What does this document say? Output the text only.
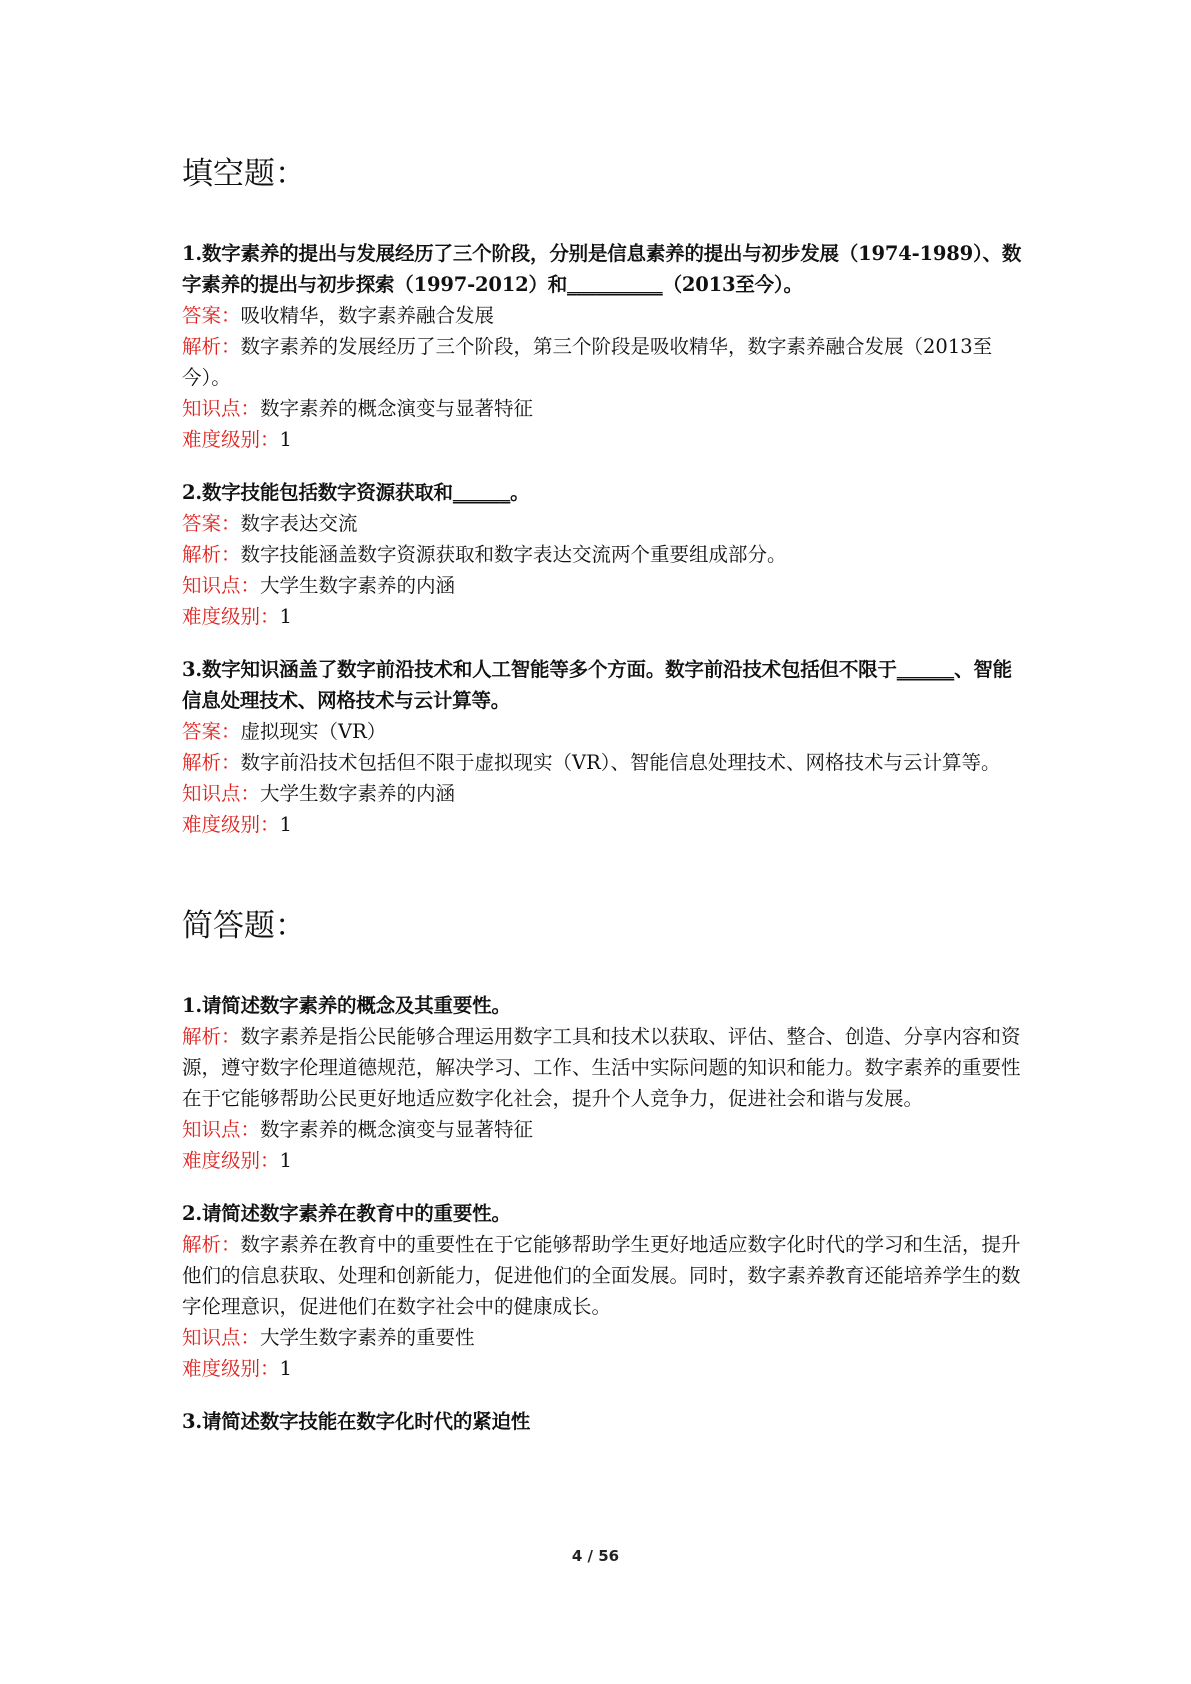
填空题：

1.数字素养的提出与发展经历了三个阶段，分别是信息素养的提出与初步发展（1974-1989）、数字素养的提出与初步探索（1997-2012）和__________（2013至今）。

答案：吸收精华，数字素养融合发展

解析：数字素养的发展经历了三个阶段，第三个阶段是吸收精华，数字素养融合发展（2013至今）。

知识点：数字素养的概念演变与显著特征

难度级别：1

2.数字技能包括数字资源获取和______。

答案：数字表达交流

解析：数字技能涵盖数字资源获取和数字表达交流两个重要组成部分。

知识点：大学生数字素养的内涵

难度级别：1

3.数字知识涵盖了数字前沿技术和人工智能等多个方面。数字前沿技术包括但不限于______、智能信息处理技术、网格技术与云计算等。

答案：虚拟现实（VR）

解析：数字前沿技术包括但不限于虚拟现实（VR）、智能信息处理技术、网格技术与云计算等。

知识点：大学生数字素养的内涵

难度级别：1

简答题：

1.请简述数字素养的概念及其重要性。

解析：数字素养是指公民能够合理运用数字工具和技术以获取、评估、整合、创造、分享内容和资源，遵守数字伦理道德规范，解决学习、工作、生活中实际问题的知识和能力。数字素养的重要性在于它能够帮助公民更好地适应数字化社会，提升个人竞争力，促进社会和谐与发展。

知识点：数字素养的概念演变与显著特征

难度级别：1

2.请简述数字素养在教育中的重要性。

解析：数字素养在教育中的重要性在于它能够帮助学生更好地适应数字化时代的学习和生活，提升他们的信息获取、处理和创新能力，促进他们的全面发展。同时，数字素养教育还能培养学生的数字伦理意识，促进他们在数字社会中的健康成长。

知识点：大学生数字素养的重要性

难度级别：1

3.请简述数字技能在数字化时代的紧迫性

4 / 56
